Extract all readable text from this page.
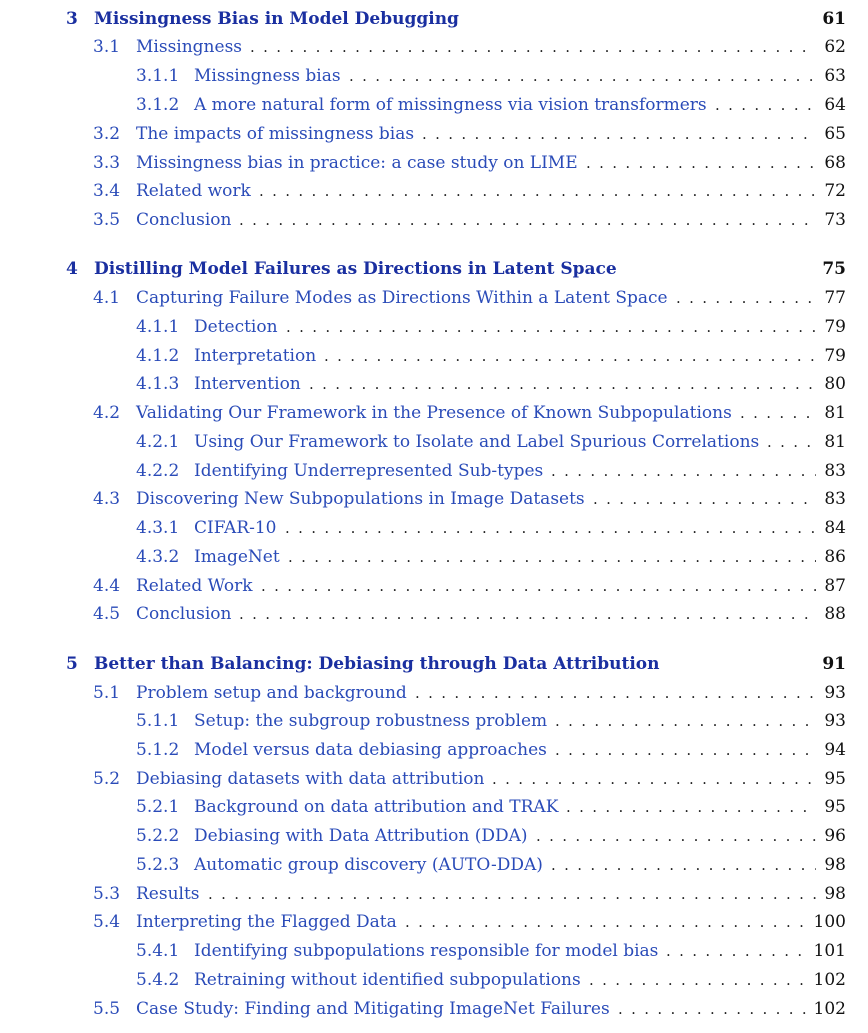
3 Missingness Bias in Model Debugging	61
3.1 Missingness . . .	62
3.1.1 Missingness bias . . .	63
3.1.2 A more natural form of missingness via vision transformers . . .	64
3.2 The impacts of missingness bias . . .	65
3.3 Missingness bias in practice: a case study on LIME . . .	68
3.4 Related work . . .	72
3.5 Conclusion . . .	73
4 Distilling Model Failures as Directions in Latent Space	75
4.1 Capturing Failure Modes as Directions Within a Latent Space . . .	77
4.1.1 Detection . . .	79
4.1.2 Interpretation . . .	79
4.1.3 Intervention . . .	80
4.2 Validating Our Framework in the Presence of Known Subpopulations . . .	81
4.2.1 Using Our Framework to Isolate and Label Spurious Correlations . . .	81
4.2.2 Identifying Underrepresented Sub-types . . .	83
4.3 Discovering New Subpopulations in Image Datasets . . .	83
4.3.1 CIFAR-10 . . .	84
4.3.2 ImageNet . . .	86
4.4 Related Work . . .	87
4.5 Conclusion . . .	88
5 Better than Balancing: Debiasing through Data Attribution	91
5.1 Problem setup and background . . .	93
5.1.1 Setup: the subgroup robustness problem . . .	93
5.1.2 Model versus data debiasing approaches . . .	94
5.2 Debiasing datasets with data attribution . . .	95
5.2.1 Background on data attribution and TRAK . . .	95
5.2.2 Debiasing with Data Attribution (DDA) . . .	96
5.2.3 Automatic group discovery (AUTO-DDA) . . .	98
5.3 Results . . .	98
5.4 Interpreting the Flagged Data . . .	100
5.4.1 Identifying subpopulations responsible for model bias . . .	101
5.4.2 Retraining without identified subpopulations . . .	102
5.5 Case Study: Finding and Mitigating ImageNet Failures . . .	102
